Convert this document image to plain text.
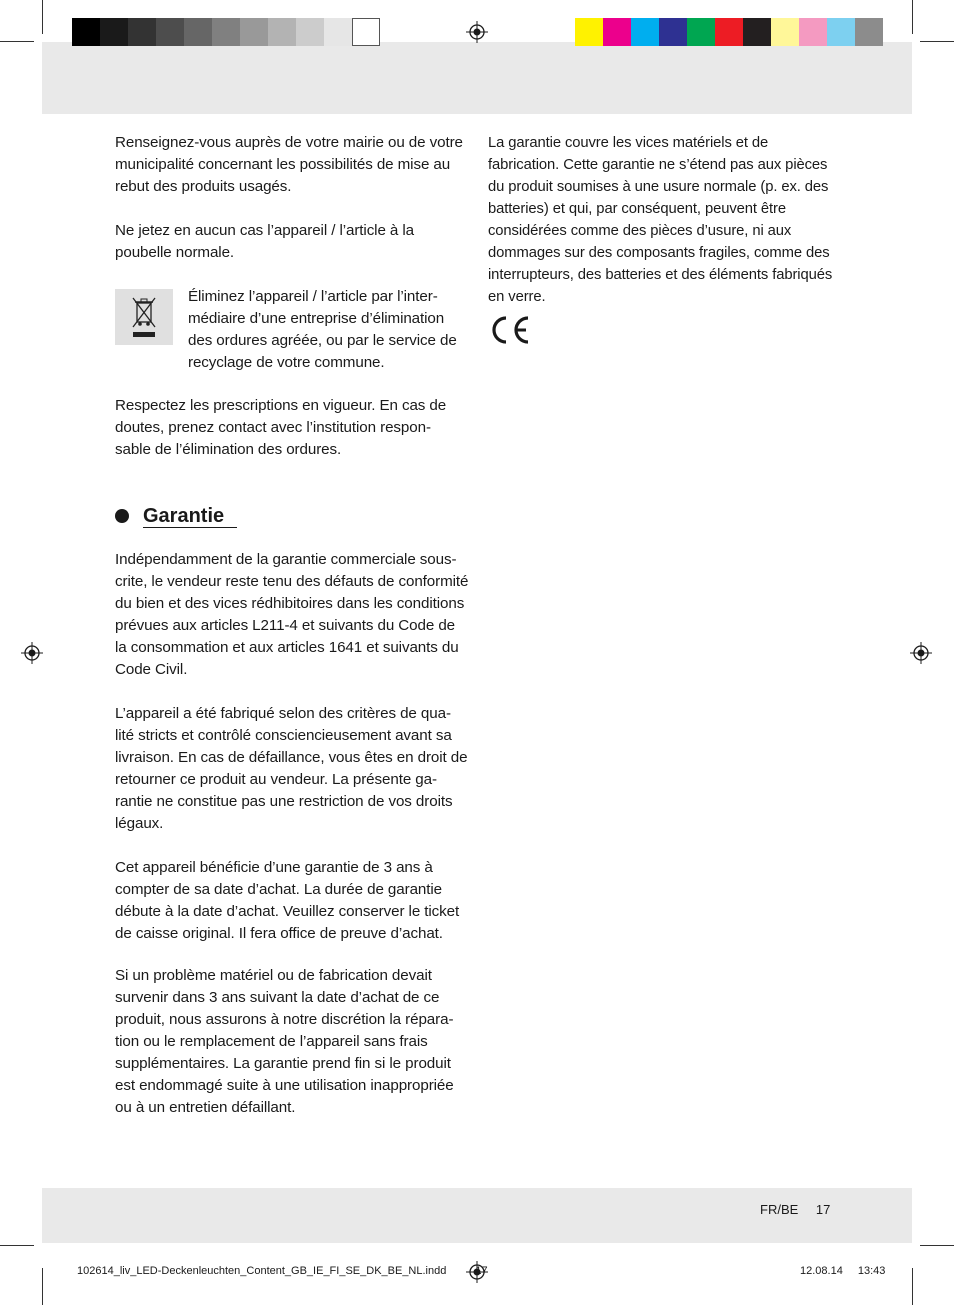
Renseignez-vous auprès de votre mairie ou de votre municipalité concernant les possibilités de mise au rebut des produits usagés.

Ne jetez en aucun cas l’appareil / l’article à la poubelle normale.

Éliminez l’appareil / l’article par l’inter- médiaire d’une entreprise d’élimination des ordures agréée, ou par le service de recyclage de votre commune.

Respectez les prescriptions en vigueur. En cas de doutes, prenez contact avec l’institution respon- sable de l’élimination des ordures.

Garantie

Indépendamment de la garantie commerciale sous- crite, le vendeur reste tenu des défauts de conformité du bien et des vices rédhibitoires dans les conditions prévues aux articles L211-4 et suivants du Code de la consommation et aux articles 1641 et suivants du Code Civil.

L’appareil a été fabriqué selon des critères de qua- lité stricts et contrôlé consciencieusement avant sa livraison. En cas de défaillance, vous êtes en droit de retourner ce produit au vendeur. La présente ga- rantie ne constitue pas une restriction de vos droits légaux.

Cet appareil bénéficie d’une garantie de 3 ans à compter de sa date d’achat. La durée de garantie débute à la date d’achat. Veuillez conserver le ticket de caisse original. Il fera office de preuve d’achat.

Si un problème matériel ou de fabrication devait survenir dans 3 ans suivant la date d’achat de ce produit, nous assurons à notre discrétion la répara- tion ou le remplacement de l’appareil sans frais supplémentaires. La garantie prend fin si le produit est endommagé suite à une utilisation inappropriée ou à un entretien défaillant.

La garantie couvre les vices matériels et de fabrication. Cette garantie ne s’étend pas aux pièces du produit soumises à une usure normale (p. ex. des batteries) et qui, par conséquent, peuvent être considérées comme des pièces d’usure, ni aux dommages sur des composants fragiles, comme des interrupteurs, des batteries et des éléments fabriqués en verre.

FR/BE 17
102614_liv_LED-Deckenleuchten_Content_GB_IE_FI_SE_DK_BE_NL.indd	17	12.08.14 13:43
